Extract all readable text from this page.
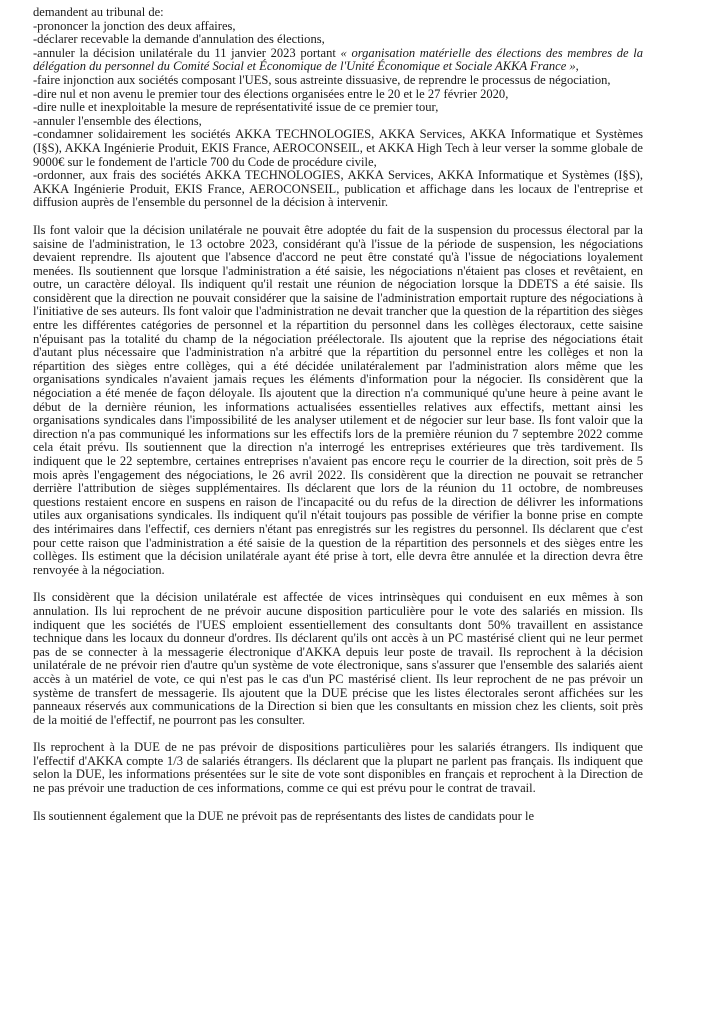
demandent au tribunal de:
-prononcer la jonction des deux affaires,
-déclarer recevable la demande d'annulation des élections,
-annuler la décision unilatérale du 11 janvier 2023 portant « organisation matérielle des élections des membres de la délégation du personnel du Comité Social et Économique de l'Unité Économique et Sociale AKKA France »,
-faire injonction aux sociétés composant l'UES, sous astreinte dissuasive, de reprendre le processus de négociation,
-dire nul et non avenu le premier tour des élections organisées entre le 20 et le 27 février 2020,
-dire nulle et inexploitable la mesure de représentativité issue de ce premier tour,
-annuler l'ensemble des élections,
-condamner solidairement les sociétés AKKA TECHNOLOGIES, AKKA Services, AKKA Informatique et Systèmes (I§S), AKKA Ingénierie Produit, EKIS France, AEROCONSEIL, et AKKA High Tech à leur verser la somme globale de 9000€ sur le fondement de l'article 700 du Code de procédure civile,
-ordonner, aux frais des sociétés AKKA TECHNOLOGIES, AKKA Services, AKKA Informatique et Systèmes (I§S), AKKA Ingénierie Produit, EKIS France, AEROCONSEIL, publication et affichage dans les locaux de l'entreprise et diffusion auprès de l'ensemble du personnel de la décision à intervenir.

Ils font valoir que la décision unilatérale ne pouvait être adoptée du fait de la suspension du processus électoral par la saisine de l'administration, le 13 octobre 2023, considérant qu'à l'issue de la période de suspension, les négociations devaient reprendre. Ils ajoutent que l'absence d'accord ne peut être constaté qu'à l'issue de négociations loyalement menées. Ils soutiennent que lorsque l'administration a été saisie, les négociations n'étaient pas closes et revêtaient, en outre, un caractère déloyal. Ils indiquent qu'il restait une réunion de négociation lorsque la DDETS a été saisie. Ils considèrent que la direction ne pouvait considérer que la saisine de l'administration emportait rupture des négociations à l'initiative de ses auteurs. Ils font valoir que l'administration ne devait trancher que la question de la répartition des sièges entre les différentes catégories de personnel et la répartition du personnel dans les collèges électoraux, cette saisine n'épuisant pas la totalité du champ de la négociation préélectorale. Ils ajoutent que la reprise des négociations était d'autant plus nécessaire que l'administration n'a arbitré que la répartition du personnel entre les collèges et non la répartition des sièges entre collèges, qui a été décidée unilatéralement par l'administration alors même que les organisations syndicales n'avaient jamais reçues les éléments d'information pour la négocier. Ils considèrent que la négociation a été menée de façon déloyale. Ils ajoutent que la direction n'a communiqué qu'une heure à peine avant le début de la dernière réunion, les informations actualisées essentielles relatives aux effectifs, mettant ainsi les organisations syndicales dans l'impossibilité de les analyser utilement et de négocier sur leur base. Ils font valoir que la direction n'a pas communiqué les informations sur les effectifs lors de la première réunion du 7 septembre 2022 comme cela était prévu. Ils soutiennent que la direction n'a interrogé les entreprises extérieures que très tardivement. Ils indiquent que le 22 septembre, certaines entreprises n'avaient pas encore reçu le courrier de la direction, soit près de 5 mois après l'engagement des négociations, le 26 avril 2022. Ils considèrent que la direction ne pouvait se retrancher derrière l'attribution de sièges supplémentaires. Ils déclarent que lors de la réunion du 11 octobre, de nombreuses questions restaient encore en suspens en raison de l'incapacité ou du refus de la direction de délivrer les informations utiles aux organisations syndicales. Ils indiquent qu'il n'était toujours pas possible de vérifier la bonne prise en compte des intérimaires dans l'effectif, ces derniers n'étant pas enregistrés sur les registres du personnel. Ils déclarent que c'est pour cette raison que l'administration a été saisie de la question de la répartition des personnels et des sièges entre les collèges. Ils estiment que la décision unilatérale ayant été prise à tort, elle devra être annulée et la direction devra être renvoyée à la négociation.

Ils considèrent que la décision unilatérale est affectée de vices intrinsèques qui conduisent en eux mêmes à son annulation. Ils lui reprochent de ne prévoir aucune disposition particulière pour le vote des salariés en mission. Ils indiquent que les sociétés de l'UES emploient essentiellement des consultants dont 50% travaillent en assistance technique dans les locaux du donneur d'ordres. Ils déclarent qu'ils ont accès à un PC mastérisé client qui ne leur permet pas de se connecter à la messagerie électronique d'AKKA depuis leur poste de travail. Ils reprochent à la décision unilatérale de ne prévoir rien d'autre qu'un système de vote électronique, sans s'assurer que l'ensemble des salariés aient accès à un matériel de vote, ce qui n'est pas le cas d'un PC mastérisé client. Ils leur reprochent de ne pas prévoir un système de transfert de messagerie. Ils ajoutent que la DUE précise que les listes électorales seront affichées sur les panneaux réservés aux communications de la Direction si bien que les consultants en mission chez les clients, soit près de la moitié de l'effectif, ne pourront pas les consulter.

Ils reprochent à la DUE de ne pas prévoir de dispositions particulières pour les salariés étrangers. Ils indiquent que l'effectif d'AKKA compte 1/3 de salariés étrangers. Ils déclarent que la plupart ne parlent pas français. Ils indiquent que selon la DUE, les informations présentées sur le site de vote sont disponibles en français et reprochent à la Direction de ne pas prévoir une traduction de ces informations, comme ce qui est prévu pour le contrat de travail.

Ils soutiennent également que la DUE ne prévoit pas de représentants des listes de candidats pour le
